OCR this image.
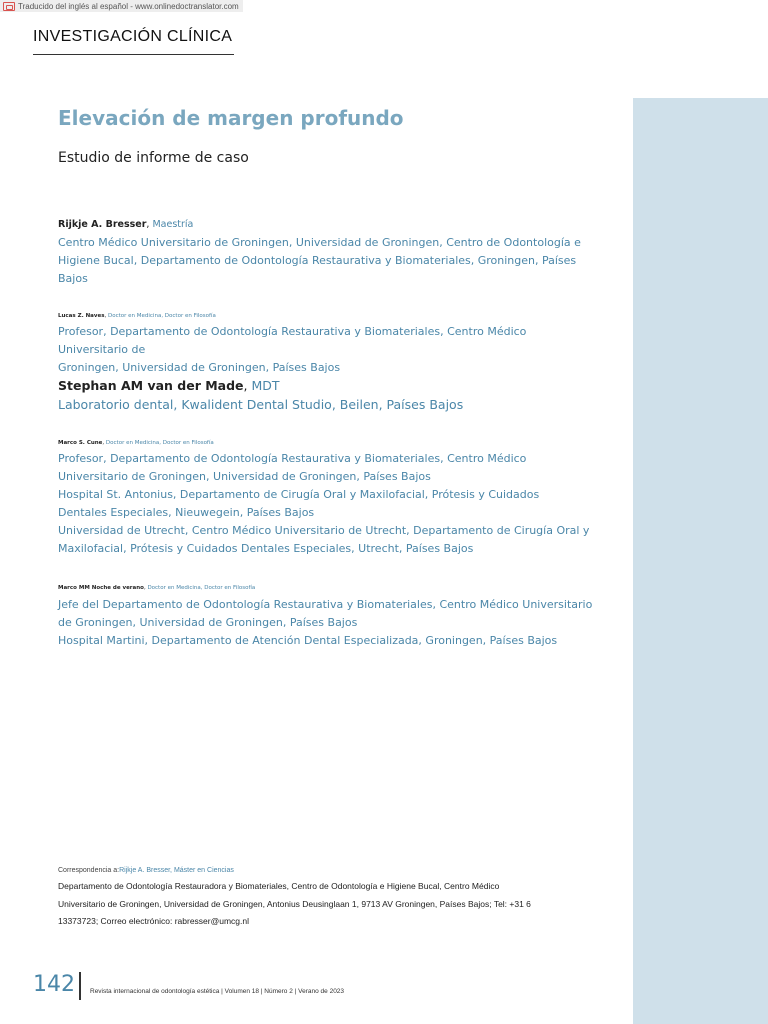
Traducido del inglés al español - www.onlinedoctranslator.com
INVESTIGACIÓN CLÍNICA
Elevación de margen profundo
Estudio de informe de caso
Rijkje A. Bresser, Maestría
Centro Médico Universitario de Groningen, Universidad de Groningen, Centro de Odontología e
Higiene Bucal, Departamento de Odontología Restaurativa y Biomateriales, Groningen, Países
Bajos
Lucas Z. Naves, Doctor en Medicina, Doctor en Filosofía
Profesor, Departamento de Odontología Restaurativa y Biomateriales, Centro Médico Universitario de
Groningen, Universidad de Groningen, Países Bajos
Stephan AM van der Made, MDT
Laboratorio dental, Kwalident Dental Studio, Beilen, Países Bajos
Marco S. Cune, Doctor en Medicina, Doctor en Filosofía
Profesor, Departamento de Odontología Restaurativa y Biomateriales, Centro Médico
Universitario de Groningen, Universidad de Groningen, Países Bajos
Hospital St. Antonius, Departamento de Cirugía Oral y Maxilofacial, Prótesis y Cuidados
Dentales Especiales, Nieuwegein, Países Bajos
Universidad de Utrecht, Centro Médico Universitario de Utrecht, Departamento de Cirugía Oral y
Maxilofacial, Prótesis y Cuidados Dentales Especiales, Utrecht, Países Bajos
Marco MM Noche de verano, Doctor en Medicina, Doctor en Filosofía
Jefe del Departamento de Odontología Restaurativa y Biomateriales, Centro Médico Universitario
de Groningen, Universidad de Groningen, Países Bajos
Hospital Martini, Departamento de Atención Dental Especializada, Groningen, Países Bajos
Correspondencia a:Rijkje A. Bresser, Máster en Ciencias
Departamento de Odontología Restauradora y Biomateriales, Centro de Odontología e Higiene Bucal, Centro Médico
Universitario de Groningen, Universidad de Groningen, Antonius Deusinglaan 1, 9713 AV Groningen, Países Bajos; Tel: +31 6
13373723; Correo electrónico: rabresser@umcg.nl
142 Revista internacional de odontología estética | Volumen 18 | Número 2 | Verano de 2023
